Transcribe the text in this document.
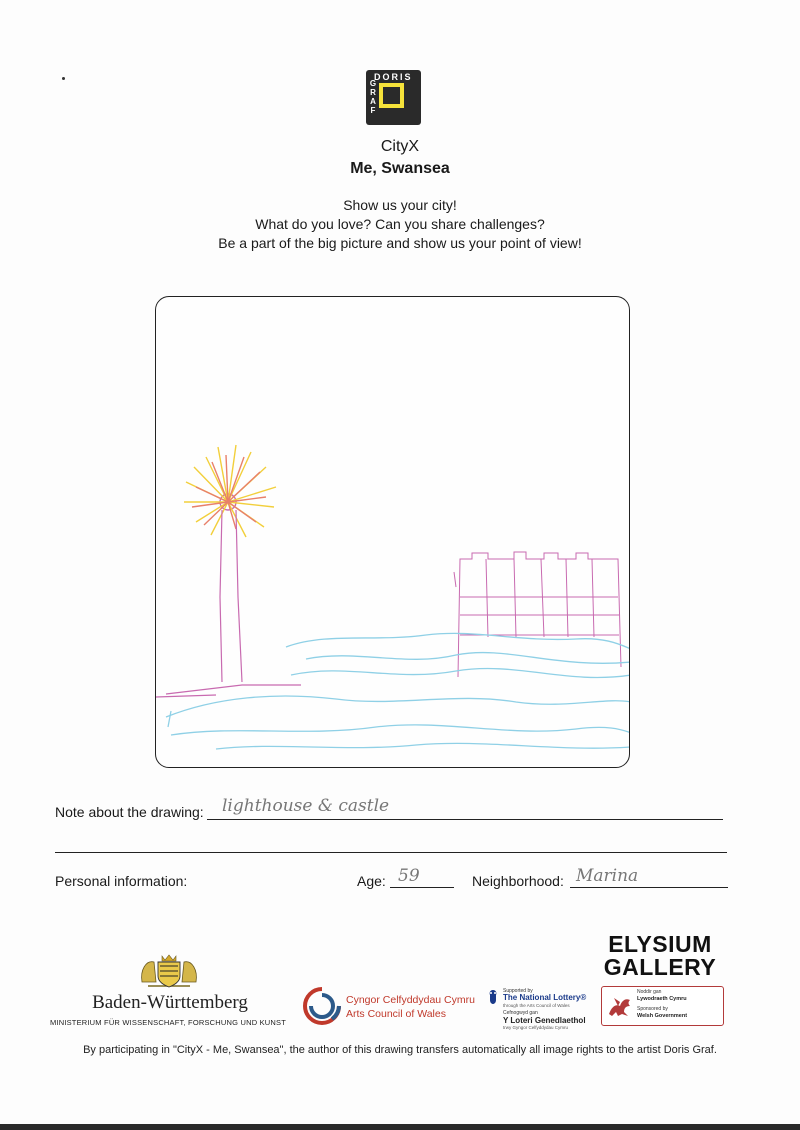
DORIS
G
R
A
F
CityX
Me, Swansea
Show us your city!
What do you love? Can you share challenges?
Be a part of the big picture and show us your point of view!
Note about the drawing: lighthouse & castle
Personal information:	Age: 59	Neighborhood: Marina
Baden-Württemberg
MINISTERIUM FÜR WISSENSCHAFT, FORSCHUNG UND KUNST
Cyngor Celfyddydau Cymru
Arts Council of Wales
Supported by
The National Lottery®
through the Arts Council of Wales
Cefnogwyd gan
Y Loteri Genedlaethol
trwy Gyngor Celfyddydau Cymru
ELYSIUM
GALLERY
Noddir gan
Lywodraeth Cymru
Sponsored by
Welsh Government
By participating in "CityX - Me, Swansea", the author of this drawing transfers automatically all image rights to the artist Doris Graf.
